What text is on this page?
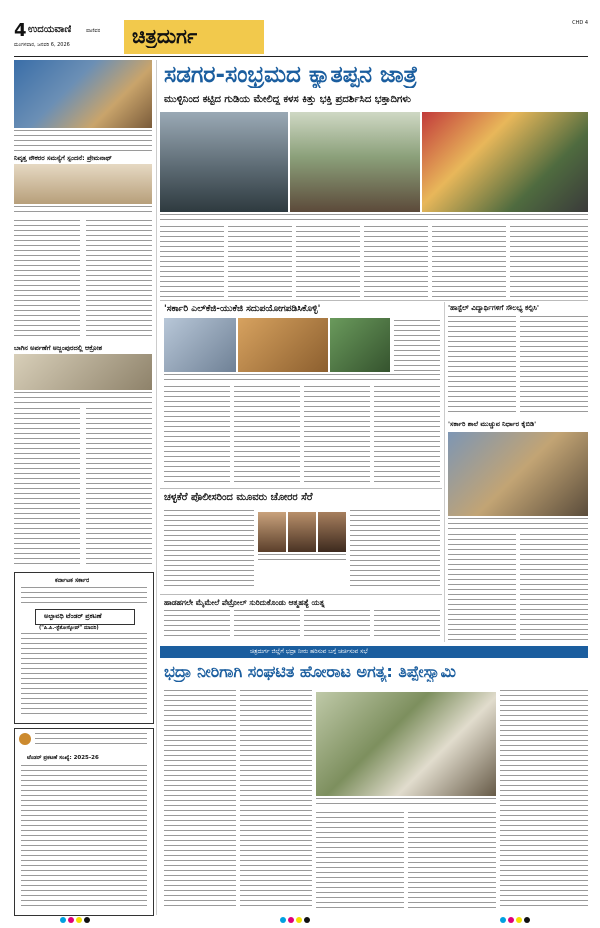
4 ಉದಯವಾಣಿ	ಪಾಣಿವರ
ಮಂಗಳವಾರ, ಜನವರಿ 6, 2026	ಚಿತ್ರದುರ್ಗ
CHD 4
ನಿವೃತ್ತ ನೌಕರರ ಸಮಸ್ಯೆಗೆ ಸ್ಪಂದನೆ: ಪ್ರೇಮನಾಥ್
ಬಾಗಿನ ಅರ್ಪಣೆಗೆ ಅಜ್ಜಂಪುರದಲ್ಲಿ ಆಕ್ರೋಶ
ಕರ್ನಾಟಕ ಸರ್ಕಾರ
ಅಲ್ಪಾವಧಿ ಟೆಂಡರ್ ಪ್ರಕಟಣೆ
("ಪಿ.ಪಿ.-ಸ್ಟೆತೋಸ್ಕೋಪ್" ಮಾದರಿ)
ಟೆಂಡರ್ ಪ್ರಕಟಣೆ ಸಂಖ್ಯೆ: 2025-26
ಸಡಗರ-ಸಂಭ್ರಮದ ಕ್ಯಾತಪ್ಪನ ಜಾತ್ರೆ
ಮುಳ್ಳಿನಿಂದ ಕಟ್ಟಿದ ಗುಡಿಯ ಮೇಲಿದ್ದ ಕಳಸ ಕಿತ್ತು ಭಕ್ತಿ ಪ್ರದರ್ಶಿಸಿದ ಭಕ್ತಾದಿಗಳು
'ಸರ್ಕಾರಿ ಎಲ್‌ಕೆಜಿ-ಯುಕೆಜಿ ಸದುಪಯೋಗಪಡಿಸಿಕೊಳ್ಳಿ'	'ಹಾಸ್ಟೆಲ್ ವಿದ್ಯಾರ್ಥಿಗಳಿಗೆ ಸೌಲಭ್ಯ ಕಲ್ಪಿಸಿ'
'ಸರ್ಕಾರಿ ಶಾಲೆ ಮುಚ್ಚುವ ನಿರ್ಧಾರ ಕೈಬಿಡಿ'
ಚಳ್ಳಕೆರೆ ಪೊಲೀಸರಿಂದ ಮೂವರು ಚೋರರ ಸೆರೆ
ಹಾಡಹಗಲೇ ಮೈಮೇಲೆ ಪೆಟ್ರೋಲ್ ಸುರಿದುಕೊಂಡು ಆತ್ಮಹತ್ಯೆ ಯತ್ನ
ಚಿತ್ರದುರ್ಗ ಜಿಲ್ಲೆಗೆ ಭದ್ರಾ ನೀರು ಹರಿಸುವ ಬಗ್ಗೆ ಚರ್ಚಿಸುವ ಸಭೆ
ಭದ್ರಾ ನೀರಿಗಾಗಿ ಸಂಘಟಿತ ಹೋರಾಟ ಅಗತ್ಯ: ತಿಪ್ಪೇಸ್ವಾಮಿ
